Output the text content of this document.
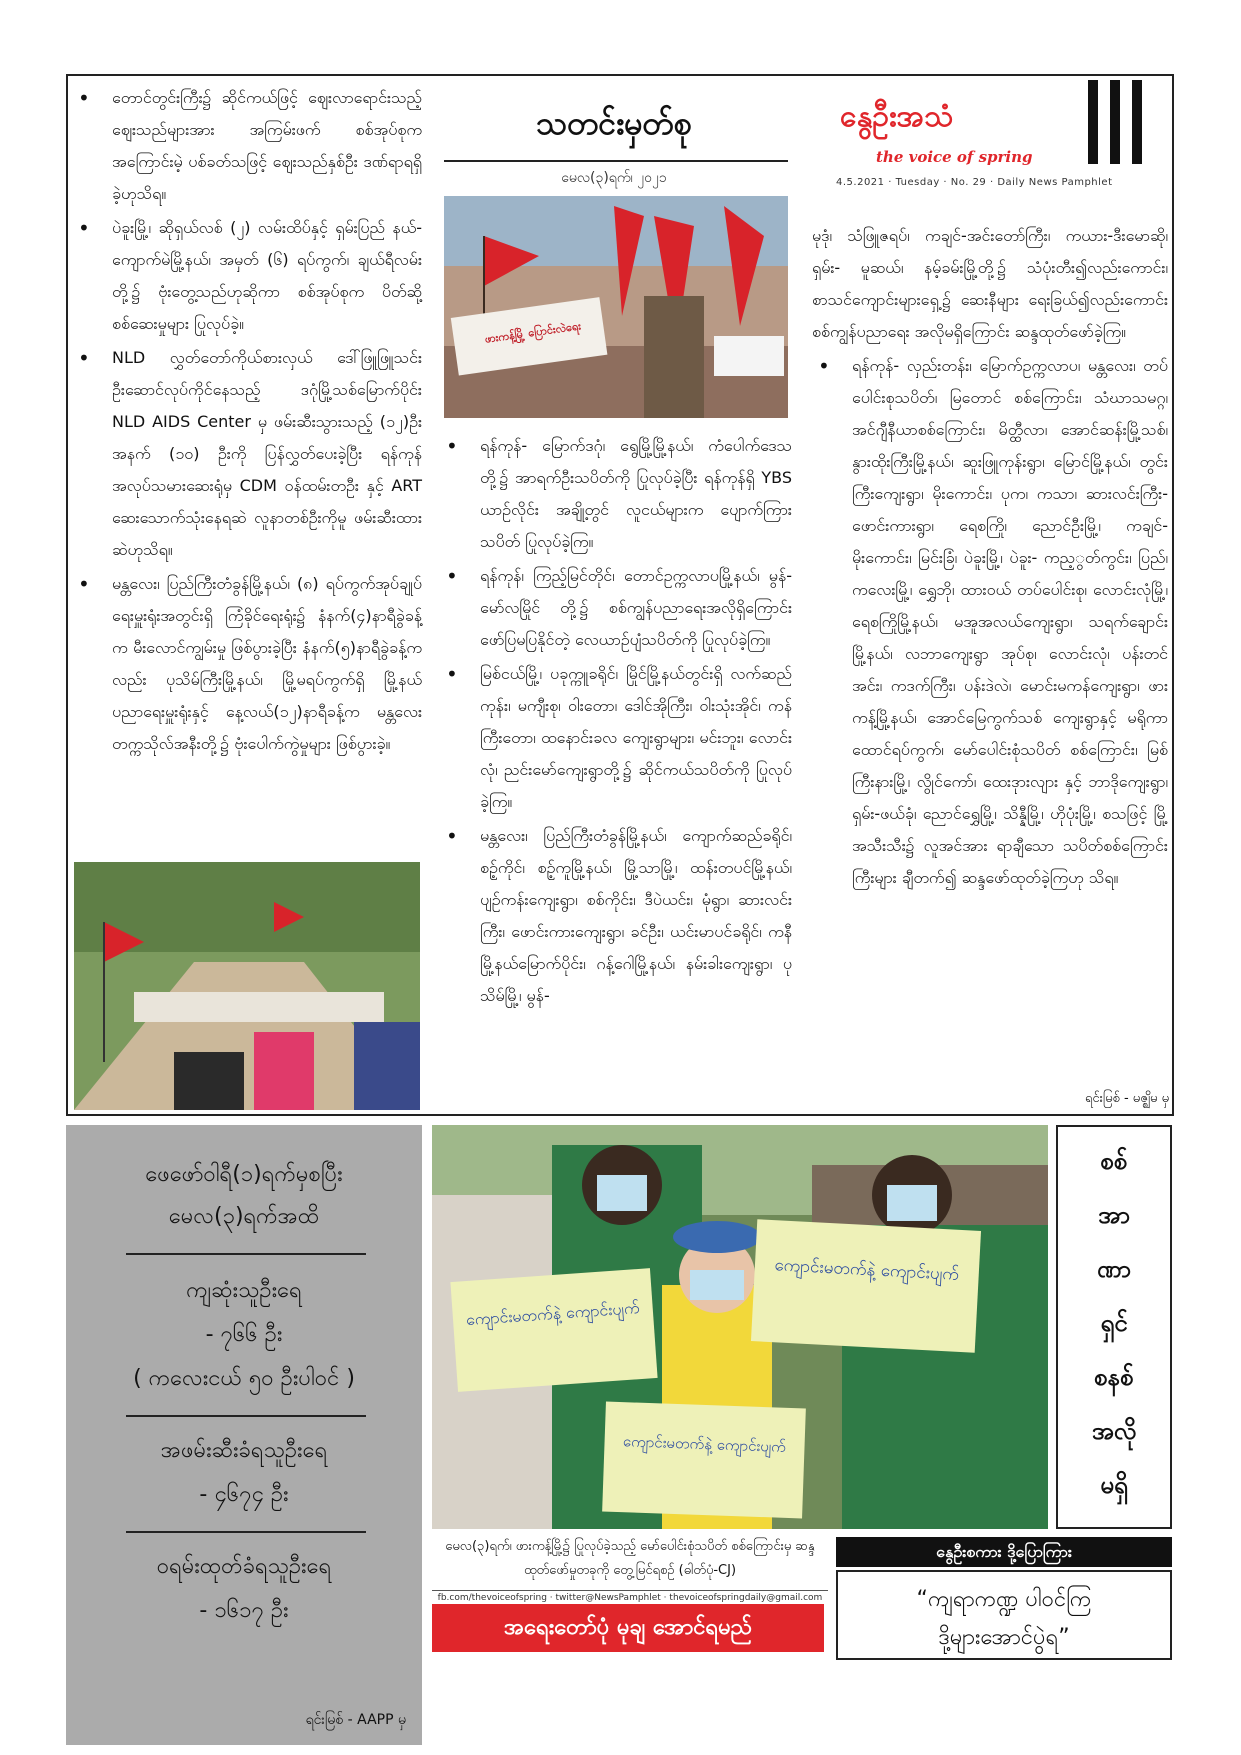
နွေဦးအသံ
the voice of spring
4.5.2021 · Tuesday · No. 29 · Daily News Pamphlet
သတင်းမှတ်စု
မေလ(၃)ရက်၊ ၂၀၂၁
• တောင်တွင်းကြီး၌ ဆိုင်ကယ်ဖြင့် ဈေးလာရောင်းသည့် ဈေးသည်များအား အကြမ်းဖက် စစ်အုပ်စုက အကြောင်းမဲ့ ပစ်ခတ်သဖြင့် ဈေးသည်နှစ်ဦး ဒဏ်ရာရရှိခဲ့ဟုသိရ။
• ပဲခူးမြို့၊ ဆိုရှယ်လစ် (၂) လမ်းထိပ်နှင့် ရှမ်းပြည် နယ်-ကျောက်မဲမြို့နယ်၊ အမှတ် (၆) ရပ်ကွက်၊ ချယ်ရီလမ်းတို့၌ ဗုံးတွေ့သည်ဟုဆိုကာ စစ်အုပ်စုက ပိတ်ဆို့စစ်ဆေးမှုများ ပြုလုပ်ခဲ့။
• NLD လွှတ်တော်ကိုယ်စားလှယ် ဒေါ်ဖြူဖြူသင်း ဦးဆောင်လုပ်ကိုင်နေသည့် ဒဂုံမြို့သစ်မြောက်ပိုင်း NLD AIDS Center မှ ဖမ်းဆီးသွားသည့် (၁၂)ဦးအနက် (၁၀) ဦးကို ပြန်လွှတ်ပေးခဲ့ပြီး ရန်ကုန် အလုပ်သမားဆေးရုံမှ CDM ဝန်ထမ်းတဦး နှင့် ART ဆေးသောက်သုံးနေရဆဲ လူနာတစ်ဦးကိုမူ ဖမ်းဆီးထားဆဲဟုသိရ။
• မန္တလေး၊ ပြည်ကြီးတံခွန်မြို့နယ်၊ (၈) ရပ်ကွက်အုပ်ချုပ်ရေးမှူးရုံးအတွင်းရှိ ကြံခိုင်ရေးရုံး၌ နံနက်(၄)နာရီခွဲခန့်က မီးလောင်ကျွမ်းမှု ဖြစ်ပွားခဲ့ပြီး နံနက်(၅)နာရီခွဲခန့်ကလည်း ပုသိမ်ကြီးမြို့နယ်၊ မြို့မရပ်ကွက်ရှိ မြို့နယ် ပညာရေးမှူးရုံးနှင့် နေ့လယ်(၁၂)နာရီခန့်က မန္တလေးတက္ကသိုလ်အနီးတို့၌ ဗုံးပေါက်ကွဲမှုများ ဖြစ်ပွားခဲ့။
ဖားကန့်မြို့ ပြောင်းလဲရေး
• ရန်ကုန်- မြောက်ဒဂုံ၊ ရွေမြို့မြို့နယ်၊ ကံပေါက်ဒေသ တို့၌ အာရက်ဦးသပိတ်ကို ပြုလုပ်ခဲ့ပြီး ရန်ကုန်ရှိ YBS ယာဉ်လိုင်း အချို့တွင် လူငယ်များက ပျောက်ကြားသပိတ် ပြုလုပ်ခဲ့ကြ။
• ရန်ကုန်၊ ကြည့်မြင်တိုင်၊ တောင်ဥက္ကလာပမြို့နယ်၊ မွန်-မော်လမြိုင် တို့၌ စစ်ကျွန်ပညာရေးအလိုရှိကြောင်း ဖော်ပြမပြနိုင်တဲ့ လေယာဉ်ပျံသပိတ်ကို ပြုလုပ်ခဲ့ကြ။
• မြစ်ငယ်မြို့၊ ပခုက္ကူခရိုင်၊ မြိုင်မြို့နယ်တွင်းရှိ လက်ဆည်ကုန်း၊ မကျီးစု၊ ဝါးတော၊ ဒေါင်အိုကြီး၊ ဝါးသုံးအိုင်၊ ကန်ကြီးတော၊ ထနောင်းခလ ကျေးရွာများ၊ မင်းဘူး၊ လောင်းလုံ၊ ညင်းမော်ကျေးရွာတို့၌ ဆိုင်ကယ်သပိတ်ကို ပြုလုပ်ခဲ့ကြ။
• မန္တလေး၊ ပြည်ကြီးတံခွန်မြို့နယ်၊ ကျောက်ဆည်ခရိုင်၊ စဉ့်ကိုင်၊ စဉ့်ကူမြို့နယ်၊ မြို့သာမြို့၊ ထန်းတပင်မြို့နယ်၊ ပျဉ်ကန်းကျေးရွာ၊ စစ်ကိုင်း၊ ဒီပဲယင်း၊ မုံရွာ၊ ဆားလင်းကြီး၊ ဖောင်းကားကျေးရွာ၊ ခင်ဦး၊ ယင်းမာပင်ခရိုင်၊ ကနီမြို့နယ်မြောက်ပိုင်း၊ ဂန့်ဂေါမြို့နယ်၊ နမ်းခါးကျေးရွာ၊ ပုသိမ်မြို့၊ မွန်-

မုဒုံ၊ သံဖြူဇရပ်၊ ကချင်-အင်းတော်ကြီး၊ ကယား-ဒီးမောဆို၊ ရှမ်း- မူဆယ်၊ နမ့်ခမ်းမြို့တို့၌ သံပုံးတီး၍လည်းကောင်း၊ စာသင်ကျောင်းများရှေ့၌ ဆေးနီများ ရေးခြယ်၍လည်းကောင်း စစ်ကျွန်ပညာရေး အလိုမရှိကြောင်း ဆန္ဒထုတ်ဖော်ခဲ့ကြ။

• ရန်ကုန်- လှည်းတန်း၊ မြောက်ဥက္ကလာပ၊ မန္တလေး၊ တပ်ပေါင်းစုသပိတ်၊ မြတောင် စစ်ကြောင်း၊ သံဃာသမဂ္ဂ၊ အင်ဂျီနီယာစစ်ကြောင်း၊ မိတ္ထီလာ၊ အောင်ဆန်းမြို့သစ်၊ နွားထိုးကြီးမြို့နယ်၊ ဆူးဖြူကုန်းရွာ၊ မြောင်မြို့နယ်၊ တွင်းကြီးကျေးရွာ၊ မိုးကောင်း၊ ပုက၊ ကသာ၊ ဆားလင်းကြီး- ဖောင်းကားရွာ၊ ရေစကြို၊ ညောင်ဦးမြို့၊ ကချင်- မိုးကောင်း၊ မြင်းခြံ၊ ပဲခူးမြို့၊ ပဲခူး- ကည့ွတ်ကွင်း၊ ပြည်၊ ကလေးမြို့၊ ရွှေဘို၊ ထားဝယ် တပ်ပေါင်းစု၊ လောင်းလုံမြို့၊ ရေစကြိုမြို့နယ်၊ မအူအလယ်ကျေးရွာ၊ သရက်ချောင်းမြို့နယ်၊ လဘာကျေးရွာ အုပ်စု၊ လောင်းလုံ၊ ပန်းတင်အင်း၊ ကဒက်ကြီး၊ ပန်းဒဲလဲ၊ မောင်းမကန်ကျေးရွာ၊ ဖားကန့်မြို့နယ်၊ အောင်မြေကွက်သစ် ကျေးရွာနှင့် မရိုကာထောင်ရပ်ကွက်၊ မော်ပေါင်းစုံသပိတ် စစ်ကြောင်း၊ မြစ်ကြီးနားမြို့၊ လွိုင်ကော်၊ ထေးဒုားလျား နှင့် ဘာဒိုကျေးရွာ၊ ရှမ်း-ဖယ်ခုံ၊ ညောင်ရွှေမြို့၊ သိန္နီမြို့၊ ဟိုပုံးမြို့၊ စသဖြင့် မြို့အသီးသီး၌ လူအင်အား ရာချီသော သပိတ်စစ်ကြောင်းကြီးများ ချီတက်၍ ဆန္ဒဖော်ထုတ်ခဲ့ကြဟု သိရ။
ရင်းမြစ် - မဇ္ဈိမ မှ
ဖေဖော်ဝါရီ(၁)ရက်မှစပြီး
မေလ(၃)ရက်အထိ
ကျဆုံးသူဦးရေ
- ၇၆၆ ဦး
( ကလေးငယ် ၅၀ ဦးပါဝင် )
အဖမ်းဆီးခံရသူဦးရေ
- ၄၆၇၄ ဦး
ဝရမ်းထုတ်ခံရသူဦးရေ
- ၁၆၁၇ ဦး
ရင်းမြစ် - AAPP မှ
ကျောင်းမတက်နဲ့ ကျောင်းပျက်
ကျောင်းမတက်နဲ့ ကျောင်းပျက်
ကျောင်းမတက်နဲ့ ကျောင်းပျက်
မေလ(၃)ရက်၊ ဖားကန့်မြို့၌ ပြုလုပ်ခဲ့သည့် မော်ပေါင်းစုံသပိတ် စစ်ကြောင်းမှ ဆန္ဒထုတ်ဖော်မှုတခုကို တွေ့မြင်ရစဉ် (ဓါတ်ပုံ-CJ)
fb.com/thevoiceofspring · twitter@NewsPamphlet · thevoiceofspringdaily@gmail.com
အရေးတော်ပုံ မုချ အောင်ရမည်
စစ်
အာ
ဏာ
ရှင်
စနစ်
အလို
မရှိ
နွေဦးစကား ဒို့ပြောကြား
“ကျရာကဏ္ဍ ပါဝင်ကြ
ဒို့များအောင်ပွဲရ”
